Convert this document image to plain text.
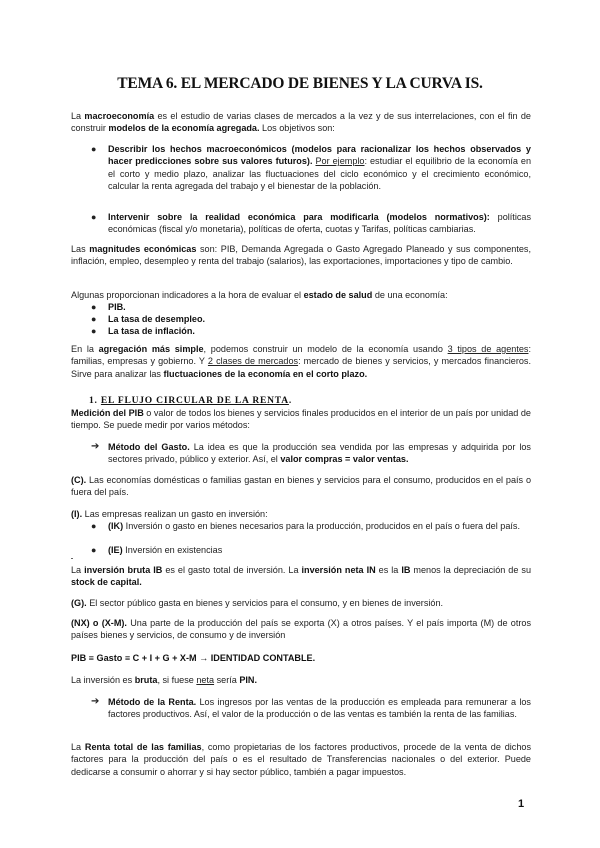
TEMA 6. EL MERCADO DE BIENES Y LA CURVA IS.
La macroeconomía es el estudio de varias clases de mercados a la vez y de sus interrelaciones, con el fin de construir modelos de la economía agregada. Los objetivos son:
●	Describir los hechos macroeconómicos (modelos para racionalizar los hechos observados y hacer predicciones sobre sus valores futuros). Por ejemplo: estudiar el equilibrio de la economía en el corto y medio plazo, analizar las fluctuaciones del ciclo económico y el crecimiento económico, calcular la renta agregada del trabajo y el bienestar de la población.
●	Intervenir sobre la realidad económica para modificarla (modelos normativos): políticas económicas (fiscal y/o monetaria), políticas de oferta, cuotas y Tarifas, políticas cambiarias.
Las magnitudes económicas son: PIB, Demanda Agregada o Gasto Agregado Planeado y sus componentes, inflación, empleo, desempleo y renta del trabajo (salarios), las exportaciones, importaciones y tipo de cambio.
Algunas proporcionan indicadores a la hora de evaluar el estado de salud de una economía:
●	PIB.
●	La tasa de desempleo.
●	La tasa de inflación.
En la agregación más simple, podemos construir un modelo de la economía usando 3 tipos de agentes: familias, empresas y gobierno. Y 2 clases de mercados: mercado de bienes y servicios, y mercados financieros. Sirve para analizar las fluctuaciones de la economía en el corto plazo.
1. EL FLUJO CIRCULAR DE LA RENTA.
Medición del PIB o valor de todos los bienes y servicios finales producidos en el interior de un país por unidad de tiempo. Se puede medir por varios métodos:
➔ Método del Gasto. La idea es que la producción sea vendida por las empresas y adquirida por los sectores privado, público y exterior. Así, el valor compras = valor ventas.
(C). Las economías domésticas o familias gastan en bienes y servicios para el consumo, producidos en el país o fuera del país.
(I). Las empresas realizan un gasto en inversión:
●	(IK) Inversión o gasto en bienes necesarios para la producción, producidos en el país o fuera del país.
●	(IE) Inversión en existencias
La inversión bruta IB es el gasto total de inversión. La inversión neta IN es la IB menos la depreciación de su stock de capital.
(G). El sector público gasta en bienes y servicios para el consumo, y en bienes de inversión.
(NX) o (X-M). Una parte de la producción del país se exporta (X) a otros países. Y el país importa (M) de otros países bienes y servicios, de consumo y de inversión
PIB ≡ Gasto ≡ C + I + G + X-M → IDENTIDAD CONTABLE.
La inversión es bruta, si fuese neta sería PIN.
➔ Método de la Renta. Los ingresos por las ventas de la producción es empleada para remunerar a los factores productivos. Así, el valor de la producción o de las ventas es también la renta de las familias.
La Renta total de las familias, como propietarias de los factores productivos, procede de la venta de dichos factores para la producción del país o es el resultado de Transferencias nacionales o del exterior. Puede dedicarse a consumir o ahorrar y si hay sector público, también a pagar impuestos.
1
